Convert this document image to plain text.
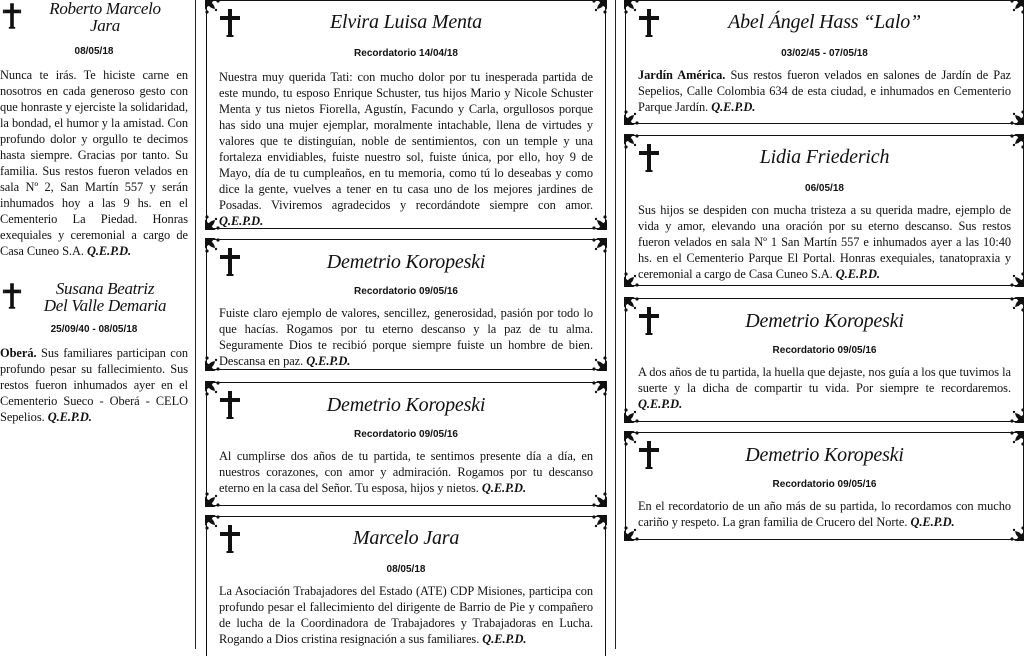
Roberto Marcelo
Jara
08/05/18

Nunca te irás. Te hiciste carne en nosotros en cada generoso gesto con que honraste y ejerciste la solidaridad, la bondad, el humor y la amistad. Con profundo dolor y orgullo te decimos hasta siempre. Gracias por tanto. Su familia. Sus restos fueron velados en sala Nº 2, San Martín 557 y serán inhumados hoy a las 9 hs. en el Cementerio La Piedad. Honras exequiales y ceremonial a cargo de Casa Cuneo S.A. Q.E.P.D.

Susana Beatriz
Del Valle Demaria
25/09/40 - 08/05/18

Oberá. Sus familiares participan con profundo pesar su fallecimiento. Sus restos fueron inhumados ayer en el Cementerio Sueco - Oberá - CELO Sepelios. Q.E.P.D.

Elvira Luisa Menta
Recordatorio 14/04/18

Nuestra muy querida Tati: con mucho dolor por tu inesperada partida de este mundo, tu esposo Enrique Schuster, tus hijos Mario y Nicole Schuster Menta y tus nietos Fiorella, Agustín, Facundo y Carla, orgullosos porque has sido una mujer ejemplar, moralmente intachable, llena de virtudes y valores que te distinguían, noble de sentimientos, con un temple y una fortaleza envidiables, fuiste nuestro sol, fuiste única, por ello, hoy 9 de Mayo, día de tu cumpleaños, en tu memoria, como tú lo deseabas y como dice la gente, vuelves a tener en tu casa uno de los mejores jardines de Posadas. Viviremos agradecidos y recordándote siempre con amor. Q.E.P.D.

Demetrio Koropeski
Recordatorio 09/05/16

Fuiste claro ejemplo de valores, sencillez, generosidad, pasión por todo lo que hacías. Rogamos por tu eterno descanso y la paz de tu alma. Seguramente Dios te recibió porque siempre fuiste un hombre de bien. Descansa en paz. Q.E.P.D.

Demetrio Koropeski
Recordatorio 09/05/16

Al cumplirse dos años de tu partida, te sentimos presente día a día, en nuestros corazones, con amor y admiración. Rogamos por tu descanso eterno en la casa del Señor. Tu esposa, hijos y nietos. Q.E.P.D.

Marcelo Jara
08/05/18

La Asociación Trabajadores del Estado (ATE) CDP Misiones, participa con profundo pesar el fallecimiento del dirigente de Barrio de Pie y compañero de lucha de la Coordinadora de Trabajadores y Trabajadoras en Lucha. Rogando a Dios cristina resignación a sus familiares. Q.E.P.D.

Abel Ángel Hass “Lalo”
03/02/45 - 07/05/18

Jardín América. Sus restos fueron velados en salones de Jardín de Paz Sepelios, Calle Colombia 634 de esta ciudad, e inhumados en Cementerio Parque Jardín. Q.E.P.D.

Lidia Friederich
06/05/18

Sus hijos se despiden con mucha tristeza a su querida madre, ejemplo de vida y amor, elevando una oración por su eterno descanso. Sus restos fueron velados en sala Nº 1 San Martín 557 e inhumados ayer a las 10:40 hs. en el Cementerio Parque El Portal. Honras exequiales, tanatopraxia y ceremonial a cargo de Casa Cuneo S.A. Q.E.P.D.

Demetrio Koropeski
Recordatorio 09/05/16

A dos años de tu partida, la huella que dejaste, nos guía a los que tuvimos la suerte y la dicha de compartir tu vida. Por siempre te recordaremos. Q.E.P.D.

Demetrio Koropeski
Recordatorio 09/05/16

En el recordatorio de un año más de su partida, lo recordamos con mucho cariño y respeto. La gran familia de Crucero del Norte. Q.E.P.D.
